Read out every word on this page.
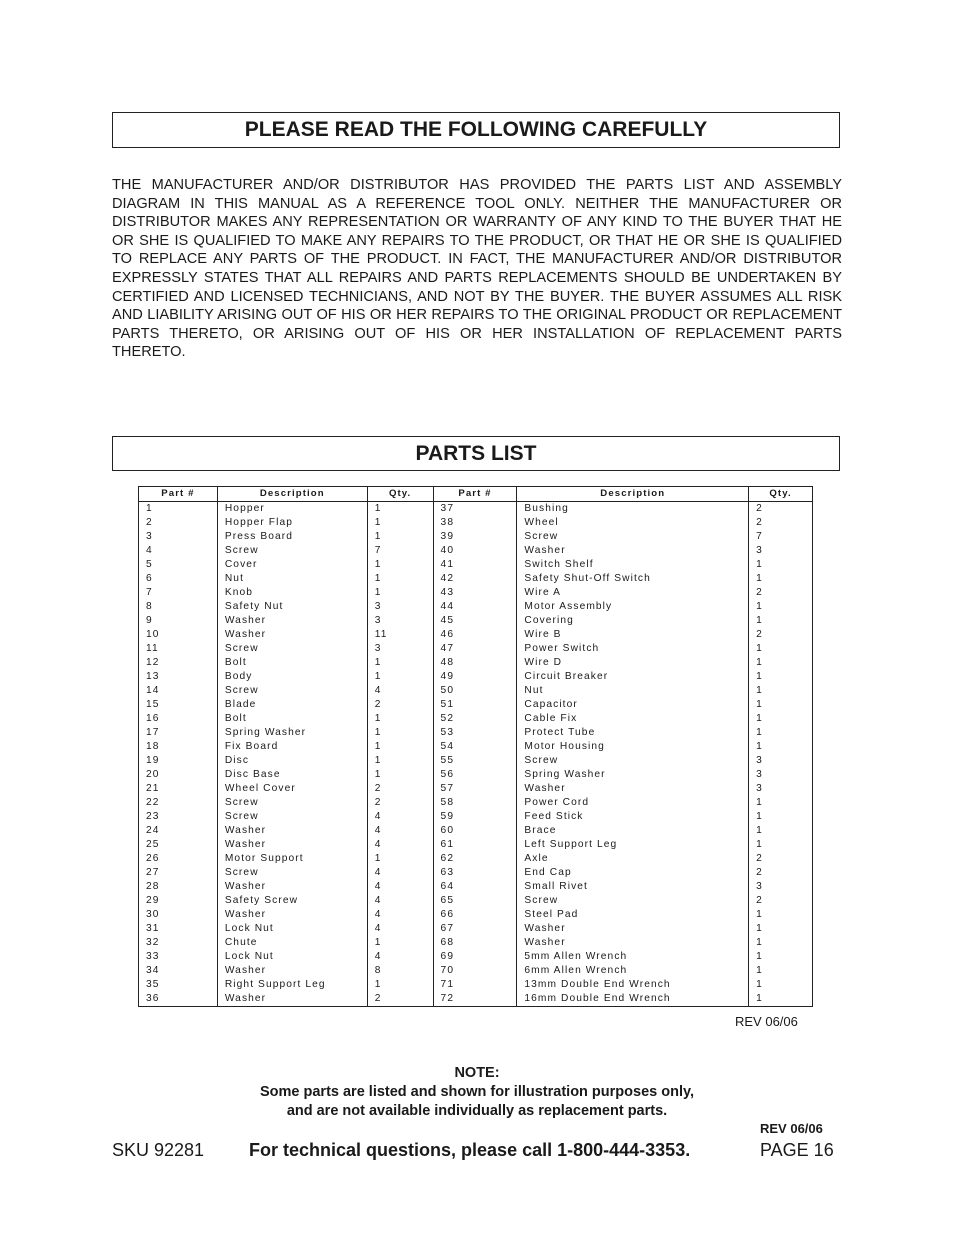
PLEASE READ THE FOLLOWING CAREFULLY

THE MANUFACTURER AND/OR DISTRIBUTOR HAS PROVIDED THE PARTS LIST AND ASSEMBLY DIAGRAM IN THIS MANUAL AS A REFERENCE TOOL ONLY. NEITHER THE MANUFACTURER OR DISTRIBUTOR MAKES ANY REPRESENTATION OR WARRANTY OF ANY KIND TO THE BUYER THAT HE OR SHE IS QUALIFIED TO MAKE ANY REPAIRS TO THE PRODUCT, OR THAT HE OR SHE IS QUALIFIED TO REPLACE ANY PARTS OF THE PRODUCT. IN FACT, THE MANUFACTURER AND/OR DISTRIBUTOR EXPRESSLY STATES THAT ALL REPAIRS AND PARTS REPLACEMENTS SHOULD BE UNDERTAKEN BY CERTIFIED AND LICENSED TECHNICIANS, AND NOT BY THE BUYER. THE BUYER ASSUMES ALL RISK AND LIABILITY ARISING OUT OF HIS OR HER REPAIRS TO THE ORIGINAL PRODUCT OR REPLACEMENT PARTS THERETO, OR ARISING OUT OF HIS OR HER INSTALLATION OF REPLACEMENT PARTS THERETO.

PARTS LIST
Part #	Description	Qty.	Part #	Description	Qty.
1	Hopper	1	37	Bushing	2
2	Hopper Flap	1	38	Wheel	2
3	Press Board	1	39	Screw	7
4	Screw	7	40	Washer	3
5	Cover	1	41	Switch Shelf	1
6	Nut	1	42	Safety Shut-Off Switch	1
7	Knob	1	43	Wire A	2
8	Safety Nut	3	44	Motor Assembly	1
9	Washer	3	45	Covering	1
10	Washer	11	46	Wire B	2
11	Screw	3	47	Power Switch	1
12	Bolt	1	48	Wire D	1
13	Body	1	49	Circuit Breaker	1
14	Screw	4	50	Nut	1
15	Blade	2	51	Capacitor	1
16	Bolt	1	52	Cable Fix	1
17	Spring Washer	1	53	Protect Tube	1
18	Fix Board	1	54	Motor Housing	1
19	Disc	1	55	Screw	3
20	Disc Base	1	56	Spring Washer	3
21	Wheel Cover	2	57	Washer	3
22	Screw	2	58	Power Cord	1
23	Screw	4	59	Feed Stick	1
24	Washer	4	60	Brace	1
25	Washer	4	61	Left Support Leg	1
26	Motor Support	1	62	Axle	2
27	Screw	4	63	End Cap	2
28	Washer	4	64	Small Rivet	3
29	Safety Screw	4	65	Screw	2
30	Washer	4	66	Steel Pad	1
31	Lock Nut	4	67	Washer	1
32	Chute	1	68	Washer	1
33	Lock Nut	4	69	5mm Allen Wrench	1
34	Washer	8	70	6mm Allen Wrench	1
35	Right Support Leg	1	71	13mm Double End Wrench	1
36	Washer	2	72	16mm Double End Wrench	1
REV 06/06
NOTE:
Some parts are listed and shown for illustration purposes only,
and are not available individually as replacement parts.
REV 06/06
SKU 92281 For technical questions, please call 1-800-444-3353.	PAGE 16
